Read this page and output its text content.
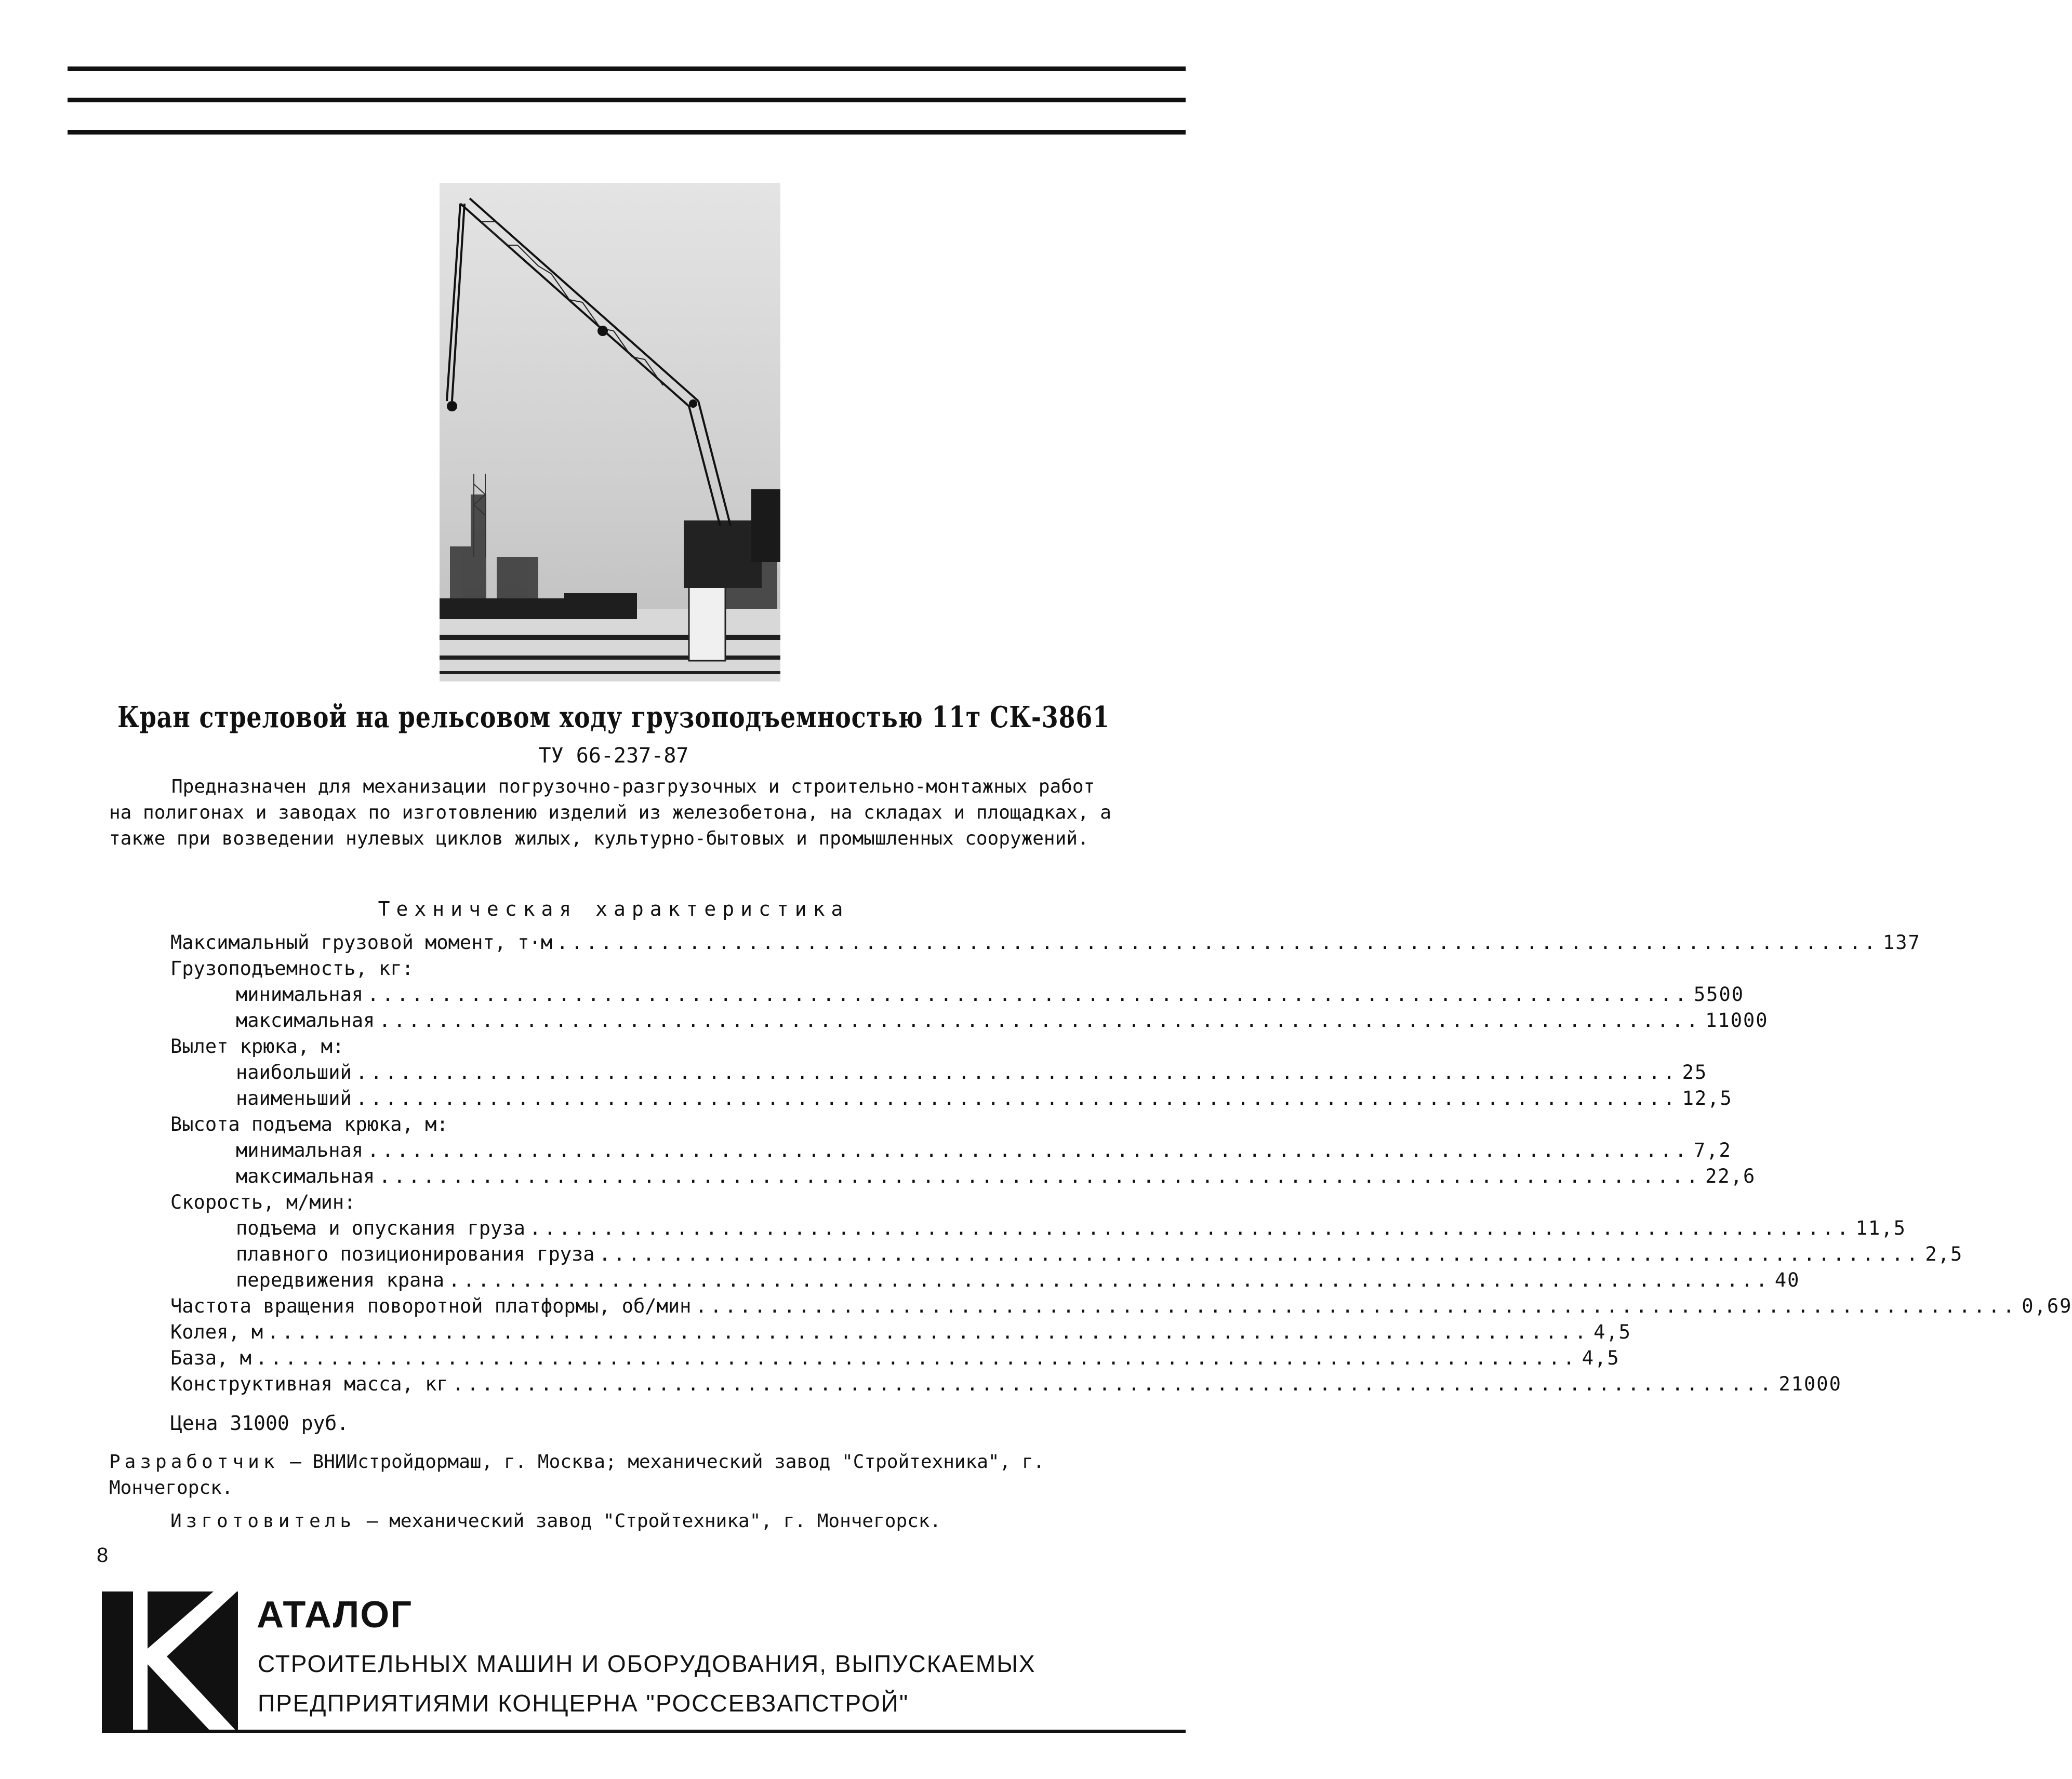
Кран стреловой на рельсовом ходу грузоподъемностью 11т СК-3861
ТУ 66-237-87
Предназначен для механизации погрузочно-разгрузочных и строительно-монтажных работ на полигонах и заводах по изготовлению изделий из железобетона, на складах и площадках, а также при возведении нулевых циклов жилых, культурно-бытовых и промышленных сооружений.
Техническая характеристика
Максимальный грузовой момент, т·м .......................................................................................... 137
Грузоподъемность, кг:
минимальная .......................................................................................... 5500
максимальная .......................................................................................... 11000
Вылет крюка, м:
наибольший .......................................................................................... 25
наименьший .......................................................................................... 12,5
Высота подъема крюка, м:
минимальная .......................................................................................... 7,2
максимальная .......................................................................................... 22,6
Скорость, м/мин:
подъема и опускания груза .......................................................................................... 11,5
плавного позиционирования груза .......................................................................................... 2,5
передвижения крана .......................................................................................... 40
Частота вращения поворотной платформы, об/мин .......................................................................................... 0,69
Колея, м .......................................................................................... 4,5
База, м .......................................................................................... 4,5
Конструктивная масса, кг .......................................................................................... 21000
Цена 31000 руб.
Разработчик – ВНИИстройдормаш, г. Москва; механический завод "Стройтехника", г. Мончегорск.
Изготовитель – механический завод "Стройтехника", г. Мончегорск.
8
АТАЛОГ
СТРОИТЕЛЬНЫХ МАШИН И ОБОРУДОВАНИЯ, ВЫПУСКАЕМЫХ
ПРЕДПРИЯТИЯМИ КОНЦЕРНА "РОССЕВЗАПСТРОЙ"
